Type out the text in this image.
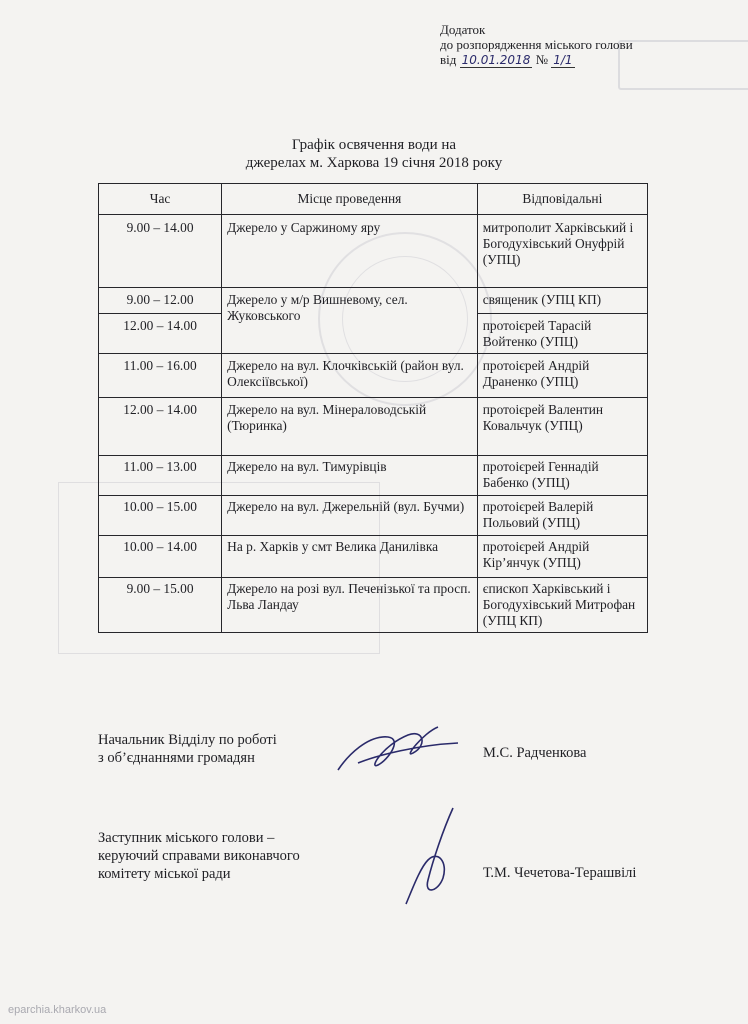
Додаток
до розпорядження міського голови
від 10.01.2018 № 1/1
Графік освячення води на
джерелах м. Харкова 19 січня 2018 року
Час	Місце проведення	Відповідальні
9.00 – 14.00	Джерело у Саржиному яру	митрополит Харківський і Богодухівський Онуфрій (УПЦ)
9.00 – 12.00	Джерело у м/р Вишневому, сел. Жуковського	священик (УПЦ КП)
12.00 – 14.00		протоієрей Тарасій Войтенко (УПЦ)
11.00 – 16.00	Джерело на вул. Клочківській (район вул. Олексіївської)	протоієрей Андрій Драненко (УПЦ)
12.00 – 14.00	Джерело на вул. Мінераловодській (Тюринка)	протоієрей Валентин Ковальчук (УПЦ)
11.00 – 13.00	Джерело на вул. Тимурівців	протоієрей Геннадій Бабенко (УПЦ)
10.00 – 15.00	Джерело на вул. Джерельній (вул. Бучми)	протоієрей Валерій Польовий (УПЦ)
10.00 – 14.00	На р. Харків у смт Велика Данилівка	протоієрей Андрій Кір’янчук (УПЦ)
9.00 – 15.00	Джерело на розі вул. Печенізької та просп. Льва Ландау	єпископ Харківський і Богодухівський Митрофан (УПЦ КП)
Начальник Відділу по роботі
з об’єднаннями громадян	М.С. Радченкова
Заступник міського голови –
керуючий справами виконавчого
комітету міської ради	Т.М. Чечетова-Терашвілі
eparchia.kharkov.ua
